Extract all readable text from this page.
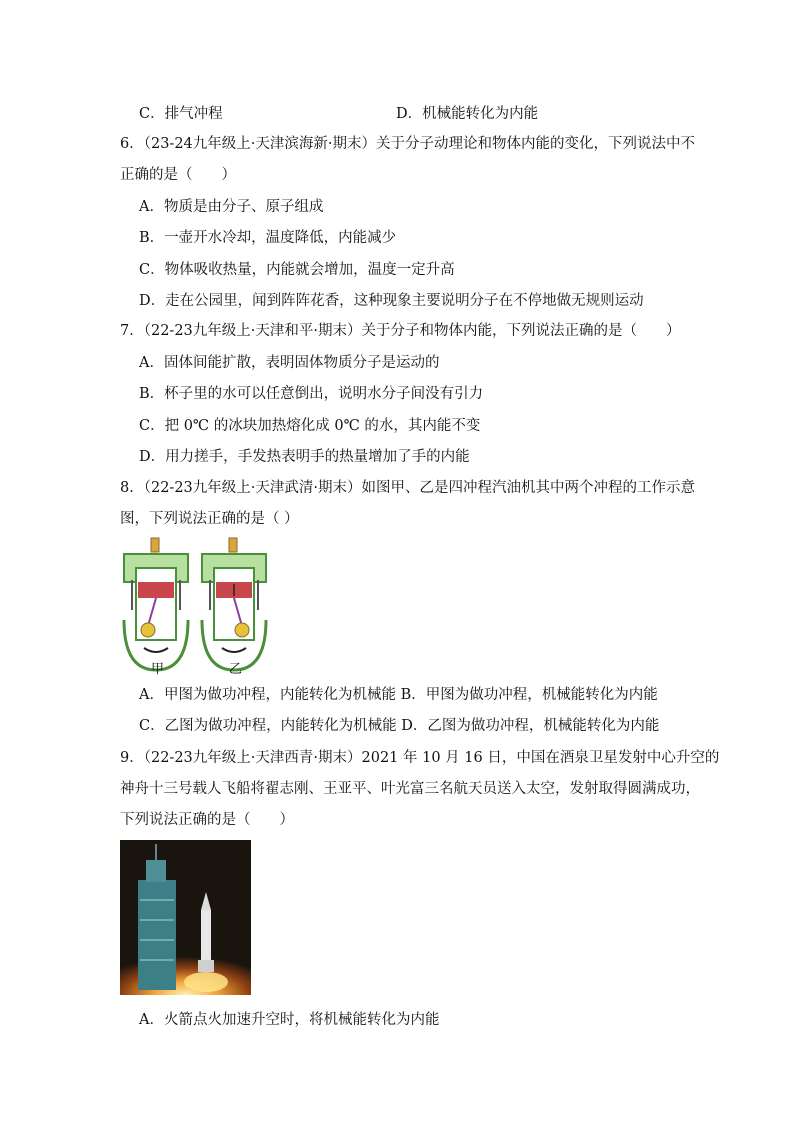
C．排气冲程	D．机械能转化为内能
6．（23-24九年级上·天津滨海新·期末）关于分子动理论和物体内能的变化，下列说法中不
正确的是（　　）
A．物质是由分子、原子组成
B．一壶开水冷却，温度降低，内能减少
C．物体吸收热量，内能就会增加，温度一定升高
D．走在公园里，闻到阵阵花香，这种现象主要说明分子在不停地做无规则运动
7．（22-23九年级上·天津和平·期末）关于分子和物体内能，下列说法正确的是（　　）
A．固体间能扩散，表明固体物质分子是运动的
B．杯子里的水可以任意倒出，说明水分子间没有引力
C．把 0℃ 的冰块加热熔化成 0℃ 的水，其内能不变
D．用力搓手，手发热表明手的热量增加了手的内能
8．（22-23九年级上·天津武清·期末）如图甲、乙是四冲程汽油机其中两个冲程的工作示意
图，下列说法正确的是（ ）
甲	乙
A．甲图为做功冲程，内能转化为机械能 B．甲图为做功冲程，机械能转化为内能
C．乙图为做功冲程，内能转化为机械能 D．乙图为做功冲程，机械能转化为内能
9．（22-23九年级上·天津西青·期末）2021 年 10 月 16 日，中国在酒泉卫星发射中心升空的
神舟十三号载人飞船将翟志刚、王亚平、叶光富三名航天员送入太空，发射取得圆满成功，
下列说法正确的是（　　）
A．火箭点火加速升空时，将机械能转化为内能
